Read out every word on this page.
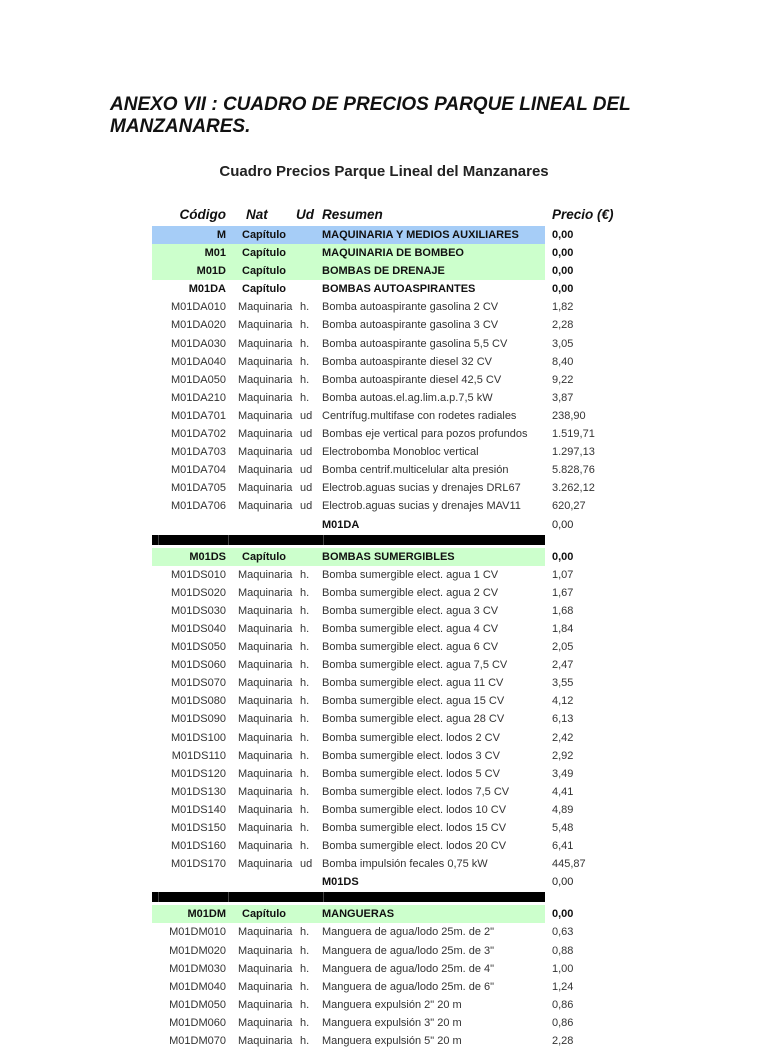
ANEXO VII : CUADRO DE PRECIOS PARQUE LINEAL DEL MANZANARES.
Cuadro Precios Parque Lineal del Manzanares
Código Nat Ud Resumen	Precio (€)
M Capítulo	MAQUINARIA Y MEDIOS AUXILIARES	0,00
M01 Capítulo	MAQUINARIA DE BOMBEO	0,00
M01D Capítulo	BOMBAS DE DRENAJE	0,00
M01DA Capítulo	BOMBAS AUTOASPIRANTES	0,00
M01DA010 Maquinaria h. Bomba autoaspirante gasolina 2 CV	1,82
M01DA020 Maquinaria h. Bomba autoaspirante gasolina 3 CV	2,28
M01DA030 Maquinaria h. Bomba autoaspirante gasolina 5,5 CV	3,05
M01DA040 Maquinaria h. Bomba autoaspirante diesel 32 CV	8,40
M01DA050 Maquinaria h. Bomba autoaspirante diesel 42,5 CV	9,22
M01DA210 Maquinaria h. Bomba autoas.el.ag.lim.a.p.7,5 kW	3,87
M01DA701 Maquinaria ud Centrífug.multifase con rodetes radiales	238,90
M01DA702 Maquinaria ud Bombas eje vertical para pozos profundos 1.519,71
M01DA703 Maquinaria ud Electrobomba Monobloc vertical	1.297,13
M01DA704 Maquinaria ud Bomba centrif.multicelular alta presión	5.828,76
M01DA705 Maquinaria ud Electrob.aguas sucias y drenajes DRL67	3.262,12
M01DA706 Maquinaria ud Electrob.aguas sucias y drenajes MAV11	620,27
M01DA	0,00
M01DS Capítulo	BOMBAS SUMERGIBLES	0,00
M01DS010 Maquinaria h. Bomba sumergible elect. agua 1 CV	1,07
M01DS020 Maquinaria h. Bomba sumergible elect. agua 2 CV	1,67
M01DS030 Maquinaria h. Bomba sumergible elect. agua 3 CV	1,68
M01DS040 Maquinaria h. Bomba sumergible elect. agua 4 CV	1,84
M01DS050 Maquinaria h. Bomba sumergible elect. agua 6 CV	2,05
M01DS060 Maquinaria h. Bomba sumergible elect. agua 7,5 CV	2,47
M01DS070 Maquinaria h. Bomba sumergible elect. agua 11 CV	3,55
M01DS080 Maquinaria h. Bomba sumergible elect. agua 15 CV	4,12
M01DS090 Maquinaria h. Bomba sumergible elect. agua 28 CV	6,13
M01DS100 Maquinaria h. Bomba sumergible elect. lodos 2 CV	2,42
M01DS110 Maquinaria h. Bomba sumergible elect. lodos 3 CV	2,92
M01DS120 Maquinaria h. Bomba sumergible elect. lodos 5 CV	3,49
M01DS130 Maquinaria h. Bomba sumergible elect. lodos 7,5 CV	4,41
M01DS140 Maquinaria h. Bomba sumergible elect. lodos 10 CV	4,89
M01DS150 Maquinaria h. Bomba sumergible elect. lodos 15 CV	5,48
M01DS160 Maquinaria h. Bomba sumergible elect. lodos 20 CV	6,41
M01DS170 Maquinaria ud Bomba impulsión fecales 0,75 kW	445,87
M01DS	0,00
M01DM Capítulo	MANGUERAS	0,00
M01DM010 Maquinaria h. Manguera de agua/lodo 25m. de 2"	0,63
M01DM020 Maquinaria h. Manguera de agua/lodo 25m. de 3"	0,88
M01DM030 Maquinaria h. Manguera de agua/lodo 25m. de 4"	1,00
M01DM040 Maquinaria h. Manguera de agua/lodo 25m. de 6"	1,24
M01DM050 Maquinaria h. Manguera expulsión 2" 20 m	0,86
M01DM060 Maquinaria h. Manguera expulsión 3" 20 m	0,86
M01DM070 Maquinaria h. Manguera expulsión 5" 20 m	2,28
